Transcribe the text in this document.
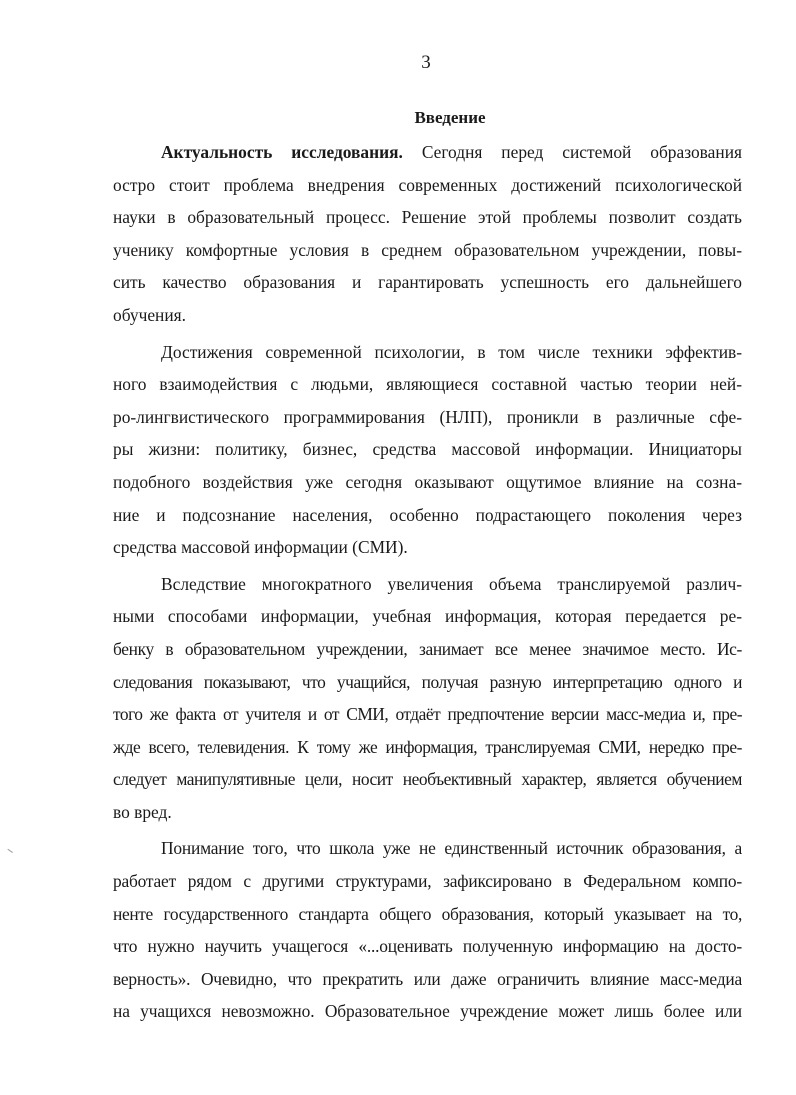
3
Введение
Актуальность исследования. Сегодня перед системой образования
остро стоит проблема внедрения современных достижений психологической
науки в образовательный процесс. Решение этой проблемы позволит создать
ученику комфортные условия в среднем образовательном учреждении, повы-
сить качество образования и гарантировать успешность его дальнейшего
обучения.
Достижения современной психологии, в том числе техники эффектив-
ного взаимодействия с людьми, являющиеся составной частью теории ней-
ро-лингвистического программирования (НЛП), проникли в различные сфе-
ры жизни: политику, бизнес, средства массовой информации. Инициаторы
подобного воздействия уже сегодня оказывают ощутимое влияние на созна-
ние и подсознание населения, особенно подрастающего поколения через
средства массовой информации (СМИ).
Вследствие многократного увеличения объема транслируемой различ-
ными способами информации, учебная информация, которая передается ре-
бенку в образовательном учреждении, занимает все менее значимое место. Ис-
следования показывают, что учащийся, получая разную интерпретацию одного и
того же факта от учителя и от СМИ, отдаёт предпочтение версии масс-медиа и, пре-
жде всего, телевидения. К тому же информация, транслируемая СМИ, нередко пре-
следует манипулятивные цели, носит необъективный характер, является обучением
во вред.
Понимание того, что школа уже не единственный источник образования, а
работает рядом с другими структурами, зафиксировано в Федеральном компо-
ненте государственного стандарта общего образования, который указывает на то,
что нужно научить учащегося «...оценивать полученную информацию на досто-
верность». Очевидно, что прекратить или даже ограничить влияние масс-медиа
на учащихся невозможно. Образовательное учреждение может лишь более или
